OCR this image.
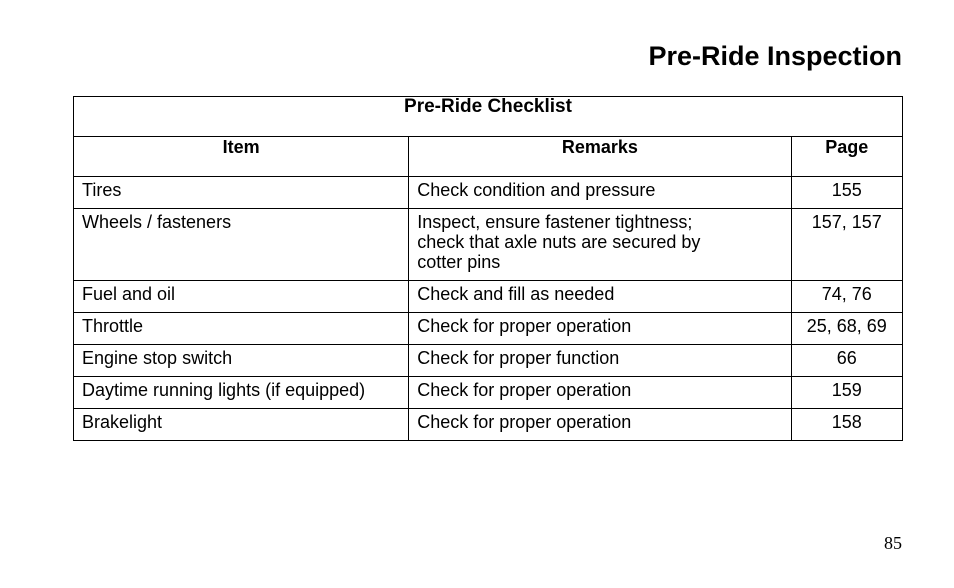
Pre-Ride Inspection
Pre-Ride Checklist		
Item	Remarks	Page
Tires	Check condition and pressure	155
Wheels / fasteners	Inspect, ensure fastener tightness;
check that axle nuts are secured by
cotter pins	157, 157
Fuel and oil	Check and fill as needed	74, 76
Throttle	Check for proper operation	25, 68, 69
Engine stop switch	Check for proper function	66
Daytime running lights (if equipped)	Check for proper operation	159
Brakelight	Check for proper operation	158
85
